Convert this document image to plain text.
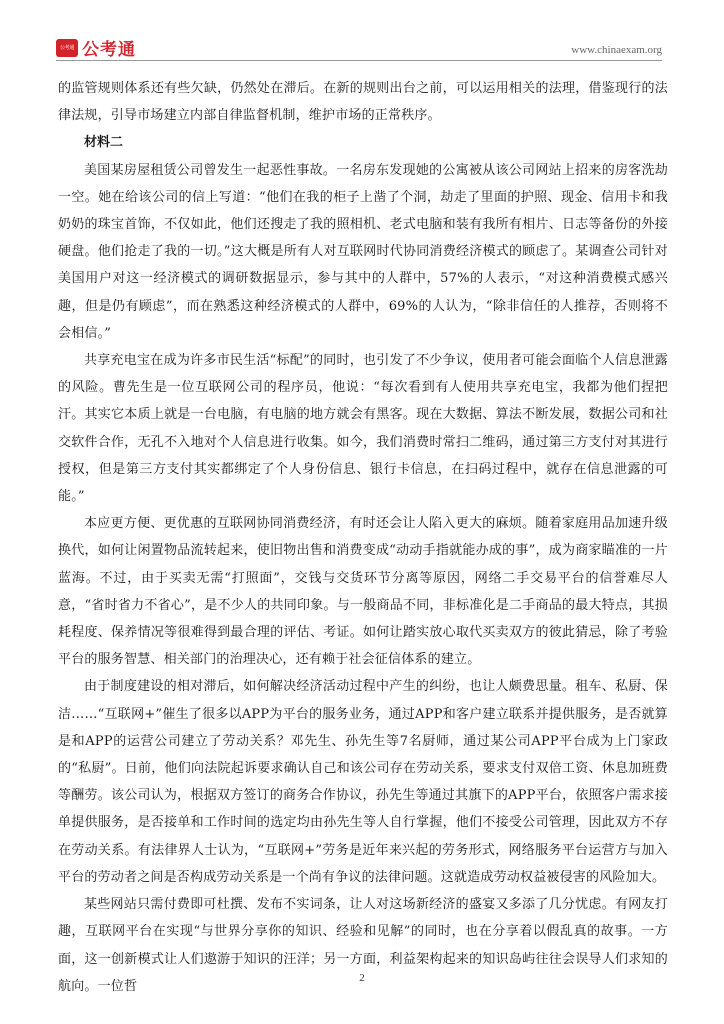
公考通 公考通	www.chinaexam.org

的监管规则体系还有些欠缺，仍然处在滞后。在新的规则出台之前，可以运用相关的法理，借鉴现行的法律法规，引导市场建立内部自律监督机制，维护市场的正常秩序。

材料二

美国某房屋租赁公司曾发生一起恶性事故。一名房东发现她的公寓被从该公司网站上招来的房客洗劫一空。她在给该公司的信上写道：“他们在我的柜子上凿了个洞，劫走了里面的护照、现金、信用卡和我奶奶的珠宝首饰，不仅如此，他们还搜走了我的照相机、老式电脑和装有我所有相片、日志等备份的外接硬盘。他们抢走了我的一切。”这大概是所有人对互联网时代协同消费经济模式的顾虑了。某调查公司针对美国用户对这一经济模式的调研数据显示，参与其中的人群中，57%的人表示，“对这种消费模式感兴趣，但是仍有顾虑”，而在熟悉这种经济模式的人群中，69%的人认为，“除非信任的人推荐，否则将不会相信。”

共享充电宝在成为许多市民生活“标配”的同时，也引发了不少争议，使用者可能会面临个人信息泄露的风险。曹先生是一位互联网公司的程序员，他说：“每次看到有人使用共享充电宝，我都为他们捏把汗。其实它本质上就是一台电脑，有电脑的地方就会有黑客。现在大数据、算法不断发展，数据公司和社交软件合作，无孔不入地对个人信息进行收集。如今，我们消费时常扫二维码，通过第三方支付对其进行授权，但是第三方支付其实都绑定了个人身份信息、银行卡信息，在扫码过程中，就存在信息泄露的可能。”

本应更方便、更优惠的互联网协同消费经济，有时还会让人陷入更大的麻烦。随着家庭用品加速升级换代，如何让闲置物品流转起来，使旧物出售和消费变成“动动手指就能办成的事”，成为商家瞄准的一片蓝海。不过，由于买卖无需“打照面”，交钱与交货环节分离等原因，网络二手交易平台的信誉难尽人意，“省时省力不省心”，是不少人的共同印象。与一般商品不同，非标准化是二手商品的最大特点，其损耗程度、保养情况等很难得到最合理的评估、考证。如何让踏实放心取代买卖双方的彼此猜忌，除了考验平台的服务智慧、相关部门的治理决心，还有赖于社会征信体系的建立。

由于制度建设的相对滞后，如何解决经济活动过程中产生的纠纷，也让人颇费思量。租车、私厨、保洁……“互联网+”催生了很多以APP为平台的服务业务，通过APP和客户建立联系并提供服务，是否就算是和APP的运营公司建立了劳动关系？邓先生、孙先生等7名厨师，通过某公司APP平台成为上门家政的“私厨”。日前，他们向法院起诉要求确认自己和该公司存在劳动关系，要求支付双倍工资、休息加班费等酬劳。该公司认为，根据双方签订的商务合作协议，孙先生等通过其旗下的APP平台，依照客户需求接单提供服务，是否接单和工作时间的选定均由孙先生等人自行掌握，他们不接受公司管理，因此双方不存在劳动关系。有法律界人士认为，“互联网+”劳务是近年来兴起的劳务形式，网络服务平台运营方与加入平台的劳动者之间是否构成劳动关系是一个尚有争议的法律问题。这就造成劳动权益被侵害的风险加大。

某些网站只需付费即可杜撰、发布不实词条，让人对这场新经济的盛宴又多添了几分忧虑。有网友打趣，互联网平台在实现“与世界分享你的知识、经验和见解”的同时，也在分享着以假乱真的故事。一方面，这一创新模式让人们遨游于知识的汪洋；另一方面，利益架构起来的知识岛屿往往会误导人们求知的航向。一位哲

2
